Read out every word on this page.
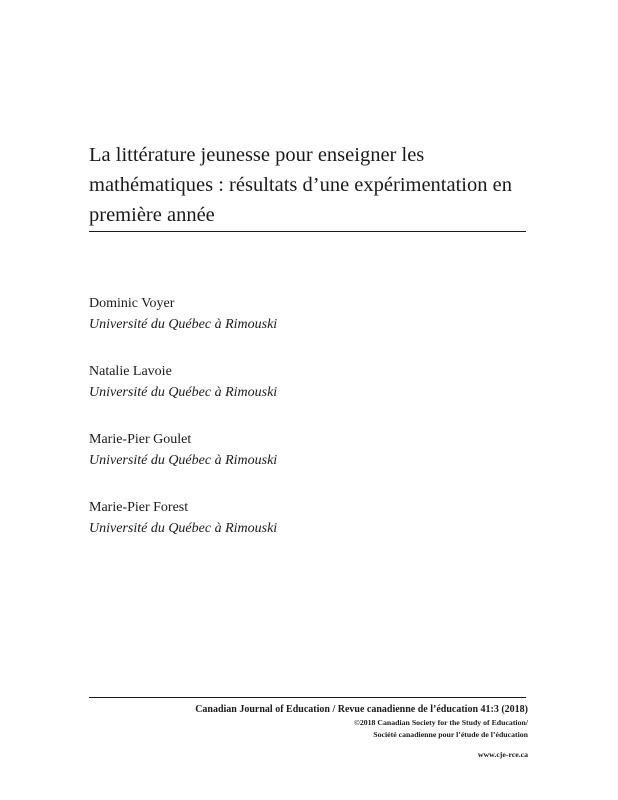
La littérature jeunesse pour enseigner les
mathématiques : résultats d’une expérimentation en
première année
Dominic Voyer
Université du Québec à Rimouski
Natalie Lavoie
Université du Québec à Rimouski
Marie-Pier Goulet
Université du Québec à Rimouski
Marie-Pier Forest
Université du Québec à Rimouski
Canadian Journal of Education / Revue canadienne de l’éducation 41:3 (2018)
©2018 Canadian Society for the Study of Education/
Société canadienne pour l’étude de l’éducation
www.cje-rce.ca
